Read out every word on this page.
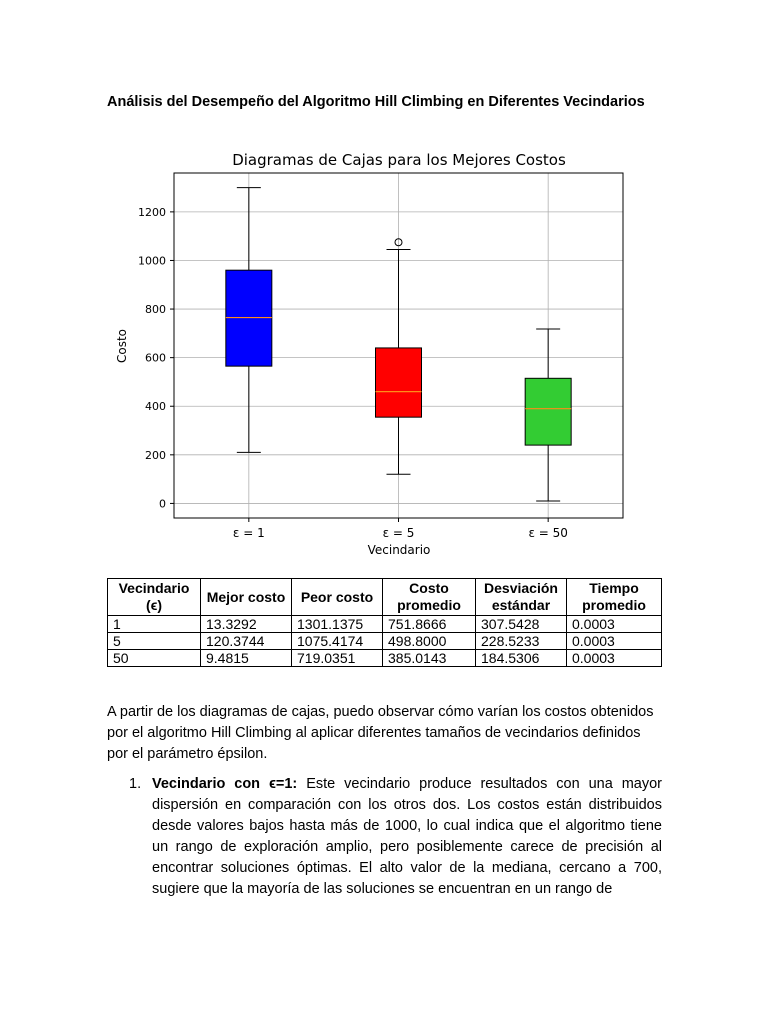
Análisis del Desempeño del Algoritmo Hill Climbing en Diferentes Vecindarios
Diagramas de Cajas para los Mejores Costos
0
200
400
600
800
1000
1200
ε = 1	ε = 5	ε = 50
Costo
Vecindario
Vecindario (ϵ)	Mejor costo	Peor costo	Costo promedio	Desviación estándar	Tiempo promedio
1	13.3292	1301.1375	751.8666	307.5428	0.0003
5	120.3744	1075.4174	498.8000	228.5233	0.0003
50	9.4815	719.0351	385.0143	184.5306	0.0003
A partir de los diagramas de cajas, puedo observar cómo varían los costos obtenidos por el algoritmo Hill Climbing al aplicar diferentes tamaños de vecindarios definidos por el parámetro épsilon.
1. Vecindario con ϵ=1: Este vecindario produce resultados con una mayor dispersión en comparación con los otros dos. Los costos están distribuidos desde valores bajos hasta más de 1000, lo cual indica que el algoritmo tiene un rango de exploración amplio, pero posiblemente carece de precisión al encontrar soluciones óptimas. El alto valor de la mediana, cercano a 700, sugiere que la mayoría de las soluciones se encuentran en un rango de
